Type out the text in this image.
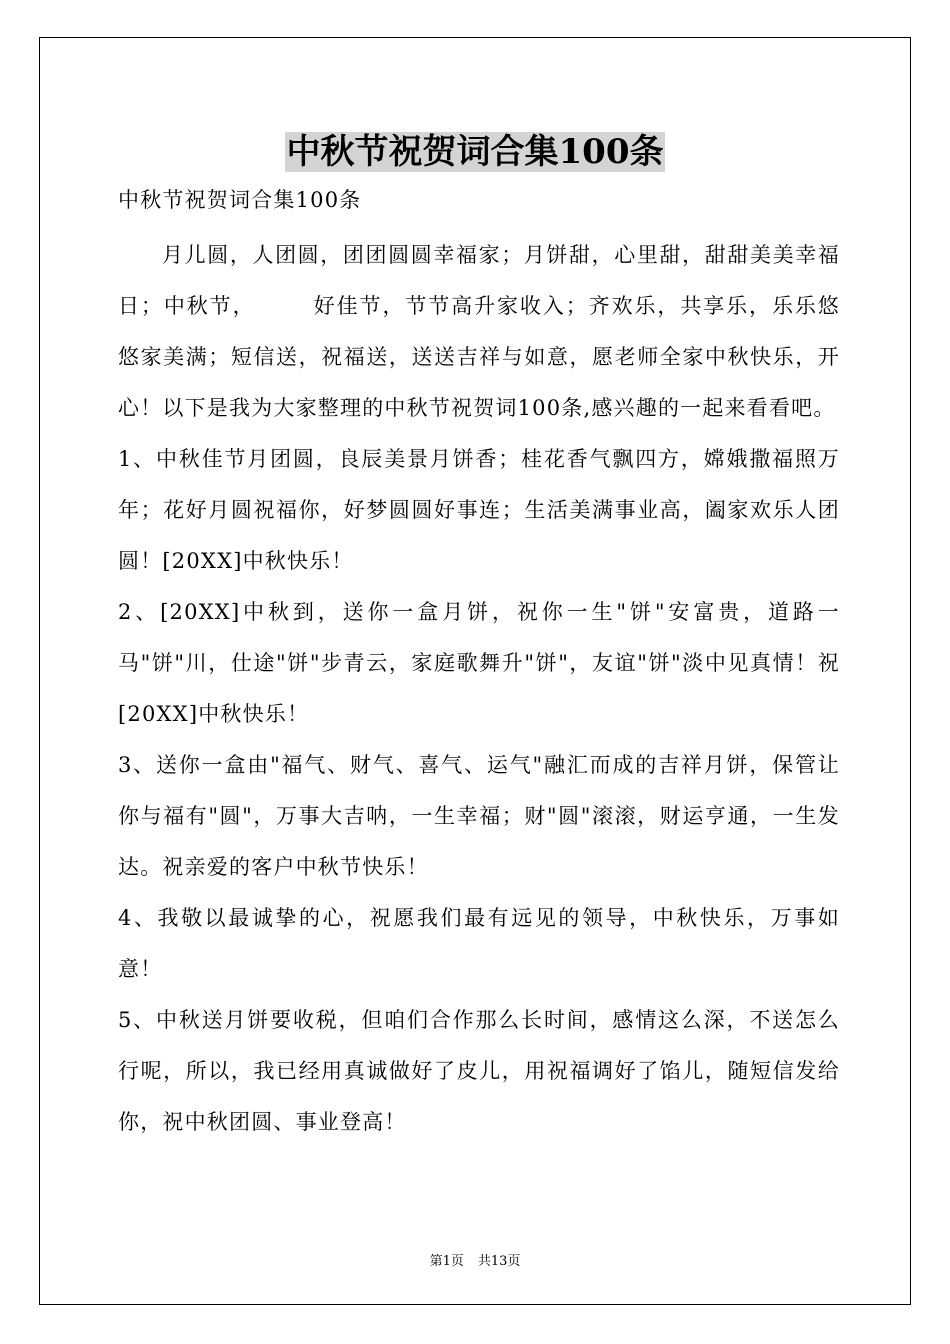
中秋节祝贺词合集100条

中秋节祝贺词合集100条

月儿圆，人团圆，团团圆圆幸福家；月饼甜，心里甜，甜甜美美幸福日；中秋节，　　　好佳节，节节高升家收入；齐欢乐，共享乐，乐乐悠悠家美满；短信送，祝福送，送送吉祥与如意，愿老师全家中秋快乐，开心！以下是我为大家整理的中秋节祝贺词100条,感兴趣的一起来看看吧。

1、中秋佳节月团圆，良辰美景月饼香；桂花香气飘四方，嫦娥撒福照万年；花好月圆祝福你，好梦圆圆好事连；生活美满事业高，阖家欢乐人团圆！[20XX]中秋快乐！

2、[20XX]中秋到，送你一盒月饼，祝你一生"饼"安富贵，道路一马"饼"川，仕途"饼"步青云，家庭歌舞升"饼"，友谊"饼"淡中见真情！祝[20XX]中秋快乐！

3、送你一盒由"福气、财气、喜气、运气"融汇而成的吉祥月饼，保管让你与福有"圆"，万事大吉呐，一生幸福；财"圆"滚滚，财运亨通，一生发达。祝亲爱的客户中秋节快乐！

4、我敬以最诚挚的心，祝愿我们最有远见的领导，中秋快乐，万事如意！

5、中秋送月饼要收税，但咱们合作那么长时间，感情这么深，不送怎么行呢，所以，我已经用真诚做好了皮儿，用祝福调好了馅儿，随短信发给你，祝中秋团圆、事业登高！

第1页 共13页
